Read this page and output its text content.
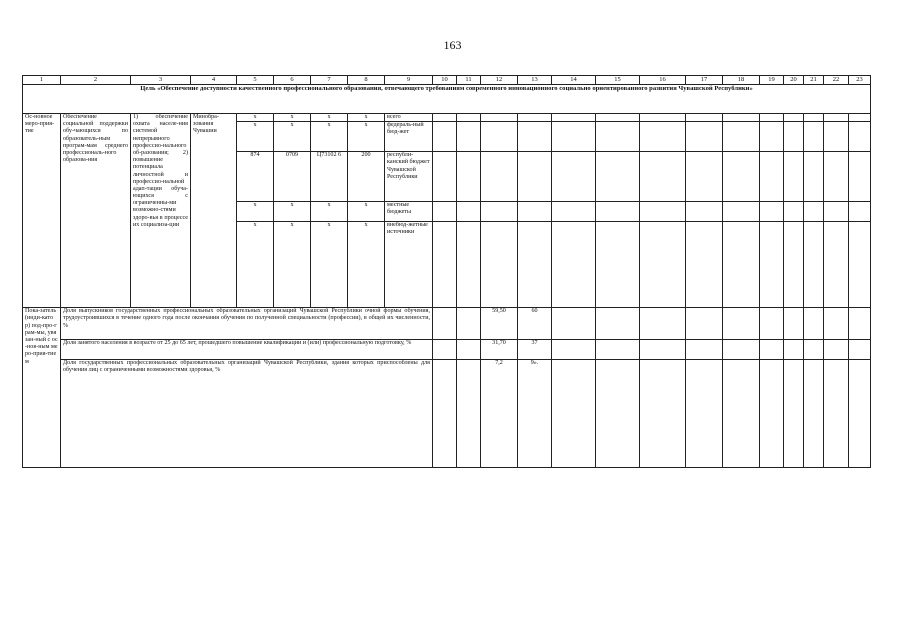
163
1	2	3	4	5	6	7	8	9	10	11	12	13	14	15	16	17	18	19	20	21	22	23
Цель «Обеспечение доступности качественного профессионального образования, отвечающего требованиям современного инновационного социально ориентированного развития Чувашской Республики»																						
Ос-новное меро-прия-тие	Обеспечение социальной поддержки обу-чающихся по образователь-ным програм-мам среднего профессиональ-ного образова-ния	1) обеспечение охвата населе-ния системой непрерывного профессио-нального об-разования; 2) повышение потенциала личностной и профессио-нальной адап-тации обуча-ющихся с ограниченны-ми возможно-стями здоро-вья в процессе их социализа-ции	Минобра-зования Чувашии	x	x	x	x	всего														
				x	x	x	x	федераль-ный бюд-жет														
				874	0709	Ц73102 6	200	республи-канский бюджет Чувашской Республики														
				x	x	x	x	местные бюджеты														
				x	x	x	x	внебюд-жетные источники														
Пока-затель (инди-катор) под-про-грам-мы, увязан-ный с ос-нов-ным меро-прия-тием	Доля выпускников государственных профессиональных образовательных организаций Чувашской Республики очной формы обучения, трудоустроившихся в течение одного года после окончания обучения по полученной специальности (профессии), в общей их численности, %										59,50	60										
	Доля занятого населения в возрасте от 25 до 65 лет, прошедшего повышение квалификации и (или) профессиональную подготовку, %										31,70	37										
	Доля государственных профессиональных образовательных организаций Чувашской Республики, здания которых приспособлены для обучения лиц с ограниченными возможностями здоровья, %										7,2	9».										
